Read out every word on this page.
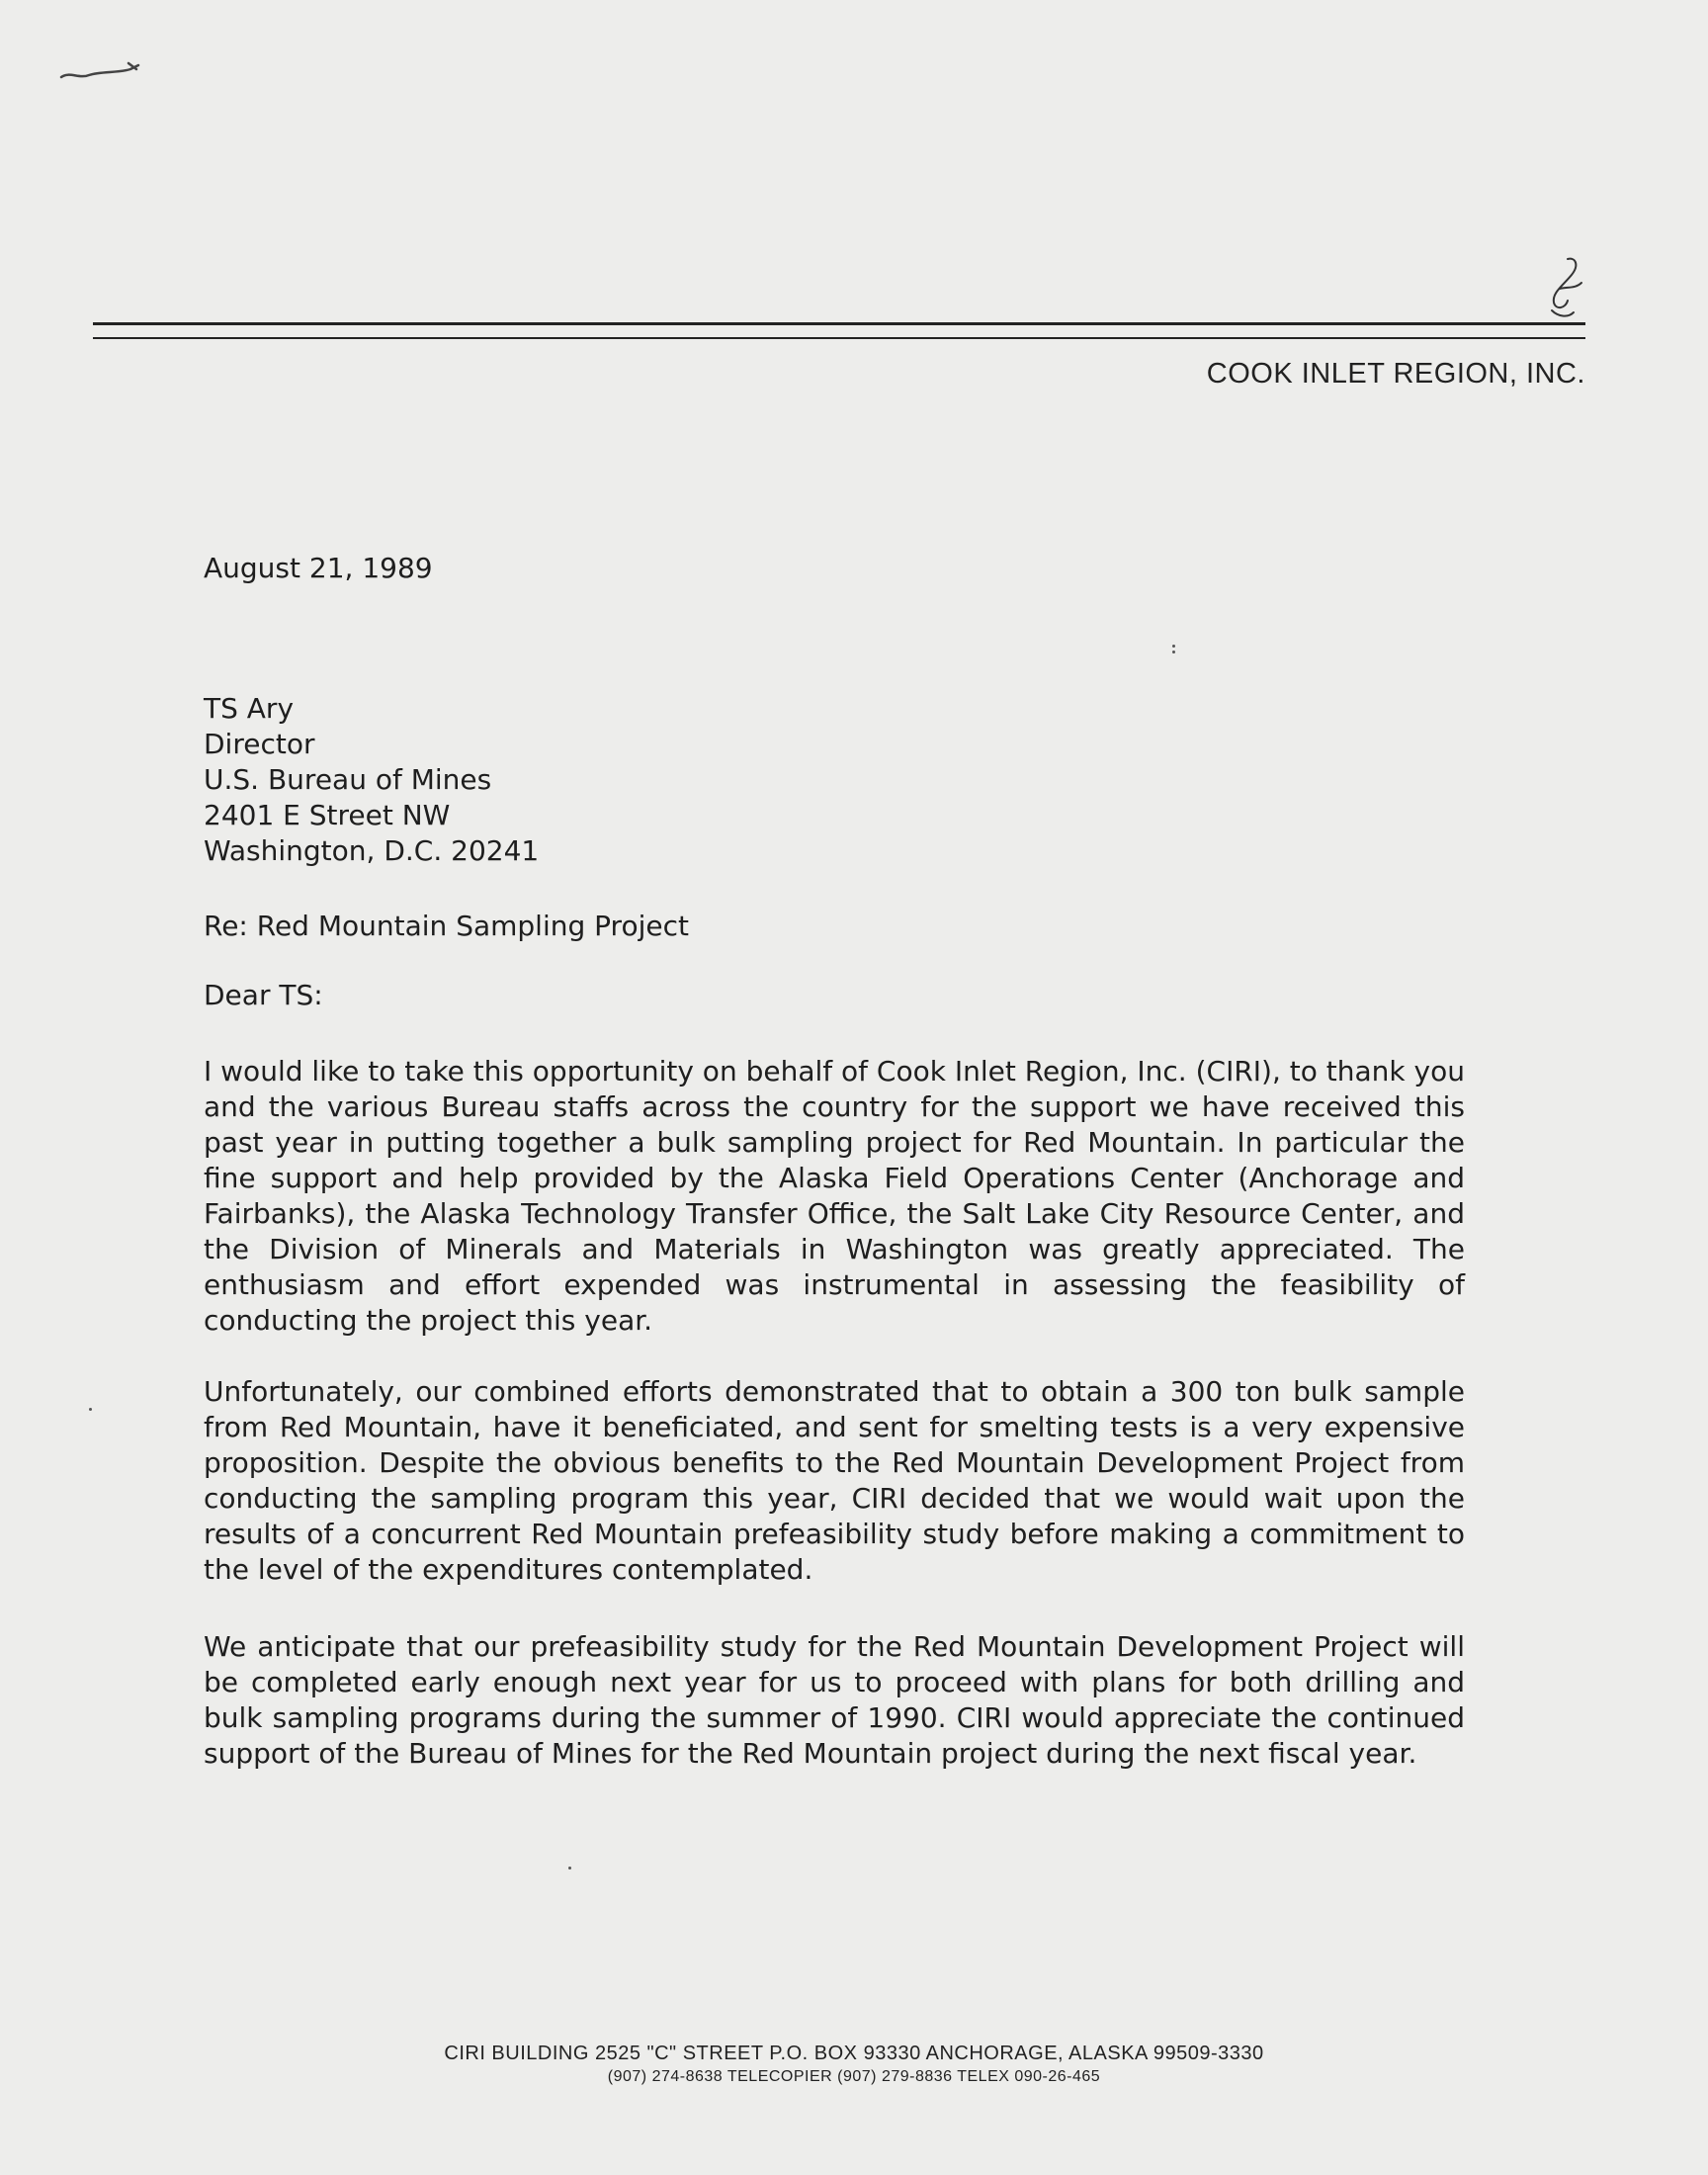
COOK INLET REGION, INC.
August 21, 1989
TS Ary
Director
U.S. Bureau of Mines
2401 E Street NW
Washington, D.C. 20241
Re: Red Mountain Sampling Project
Dear TS:
I would like to take this opportunity on behalf of Cook Inlet Region, Inc. (CIRI), to thank you and the various Bureau staffs across the country for the support we have received this past year in putting together a bulk sampling project for Red Mountain. In particular the fine support and help provided by the Alaska Field Operations Center (Anchorage and Fairbanks), the Alaska Technology Transfer Office, the Salt Lake City Resource Center, and the Division of Minerals and Materials in Washington was greatly appreciated. The enthusiasm and effort expended was instrumental in assessing the feasibility of conducting the project this year.
Unfortunately, our combined efforts demonstrated that to obtain a 300 ton bulk sample from Red Mountain, have it beneficiated, and sent for smelting tests is a very expensive proposition. Despite the obvious benefits to the Red Mountain Development Project from conducting the sampling program this year, CIRI decided that we would wait upon the results of a concurrent Red Mountain prefeasibility study before making a commitment to the level of the expenditures contemplated.
We anticipate that our prefeasibility study for the Red Mountain Development Project will be completed early enough next year for us to proceed with plans for both drilling and bulk sampling programs during the summer of 1990. CIRI would appreciate the continued support of the Bureau of Mines for the Red Mountain project during the next fiscal year.
CIRI BUILDING 2525 "C" STREET P.O. BOX 93330 ANCHORAGE, ALASKA 99509-3330
(907) 274-8638 TELECOPIER (907) 279-8836 TELEX 090-26-465
